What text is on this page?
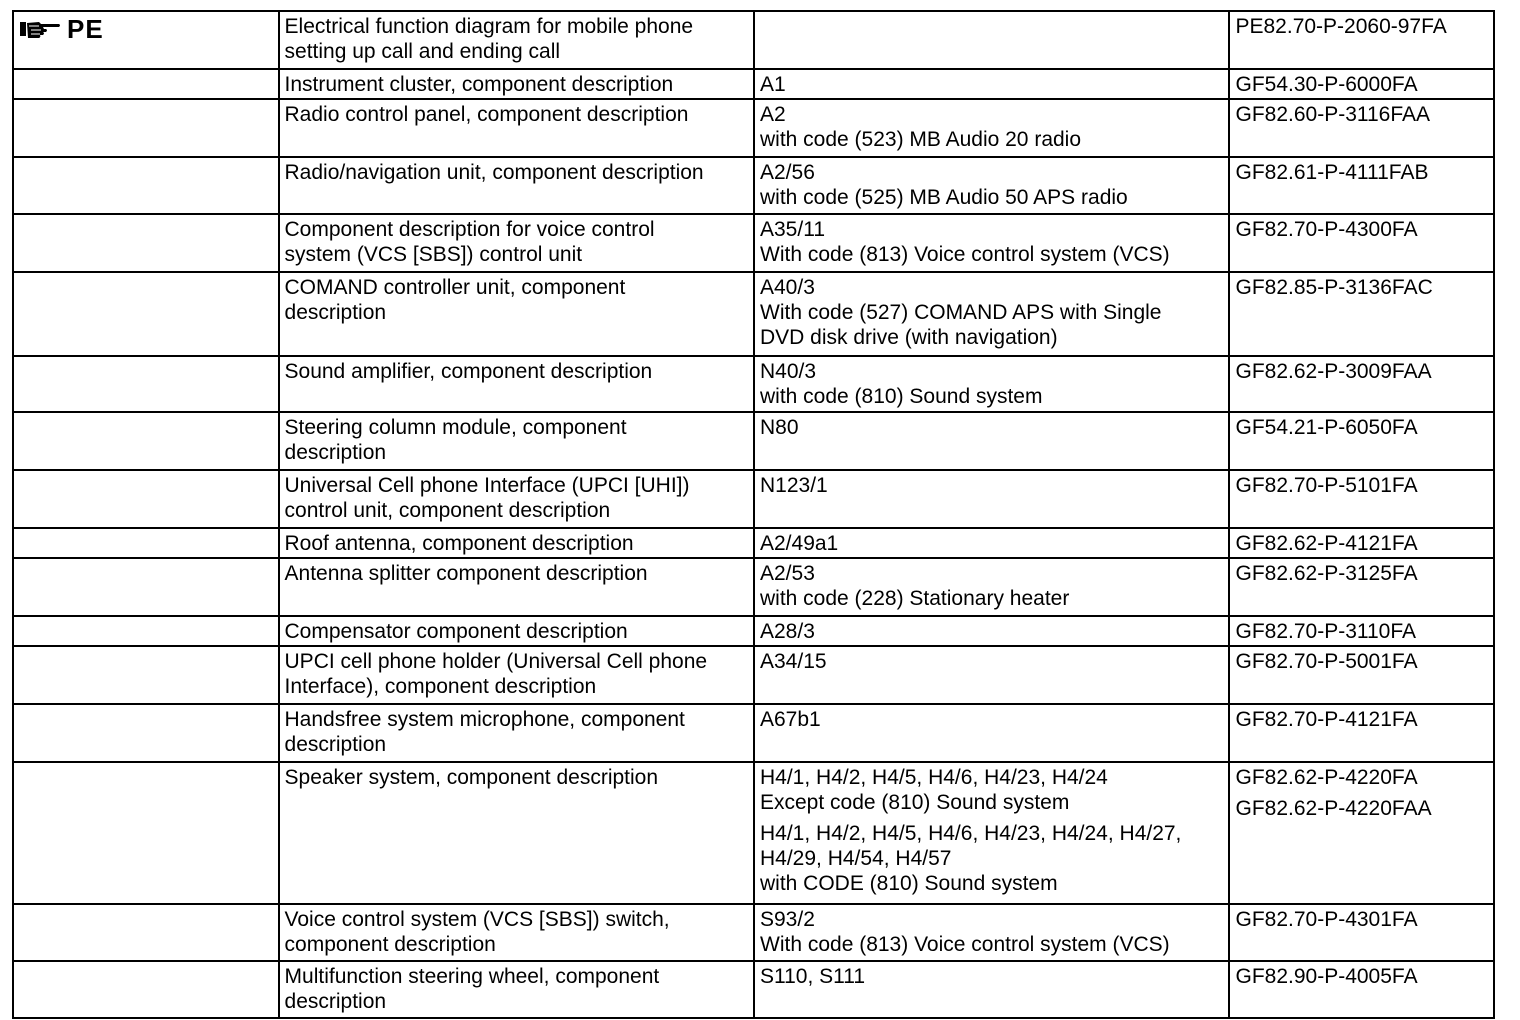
PE	Electrical function diagram for mobile phone
setting up call and ending call		PE82.70-P-2060-97FA

	Instrument cluster, component description	A1	GF54.30-P-6000FA

	Radio control panel, component description	A2
with code (523) MB Audio 20 radio	GF82.60-P-3116FAA

	Radio/navigation unit, component description	A2/56
with code (525) MB Audio 50 APS radio	GF82.61-P-4111FAB

	Component description for voice control
system (VCS [SBS]) control unit	A35/11
With code (813) Voice control system (VCS)	GF82.70-P-4300FA

	COMAND controller unit, component
description	A40/3
With code (527) COMAND APS with Single
DVD disk drive (with navigation)	GF82.85-P-3136FAC

	Sound amplifier, component description	N40/3
with code (810) Sound system	GF82.62-P-3009FAA

	Steering column module, component
description	N80	GF54.21-P-6050FA

	Universal Cell phone Interface (UPCI [UHI])
control unit, component description	N123/1	GF82.70-P-5101FA

	Roof antenna, component description	A2/49a1	GF82.62-P-4121FA

	Antenna splitter component description	A2/53
with code (228) Stationary heater	GF82.62-P-3125FA

	Compensator component description	A28/3	GF82.70-P-3110FA

	UPCI cell phone holder (Universal Cell phone
Interface), component description	A34/15	GF82.70-P-5001FA

	Handsfree system microphone, component
description	A67b1	GF82.70-P-4121FA

	Speaker system, component description	H4/1, H4/2, H4/5, H4/6, H4/23, H4/24
Except code (810) Sound system
H4/1, H4/2, H4/5, H4/6, H4/23, H4/24, H4/27,
H4/29, H4/54, H4/57
with CODE (810) Sound system	GF82.62-P-4220FA
GF82.62-P-4220FAA

	Voice control system (VCS [SBS]) switch,
component description	S93/2
With code (813) Voice control system (VCS)	GF82.70-P-4301FA

	Multifunction steering wheel, component
description	S110, S111	GF82.90-P-4005FA
